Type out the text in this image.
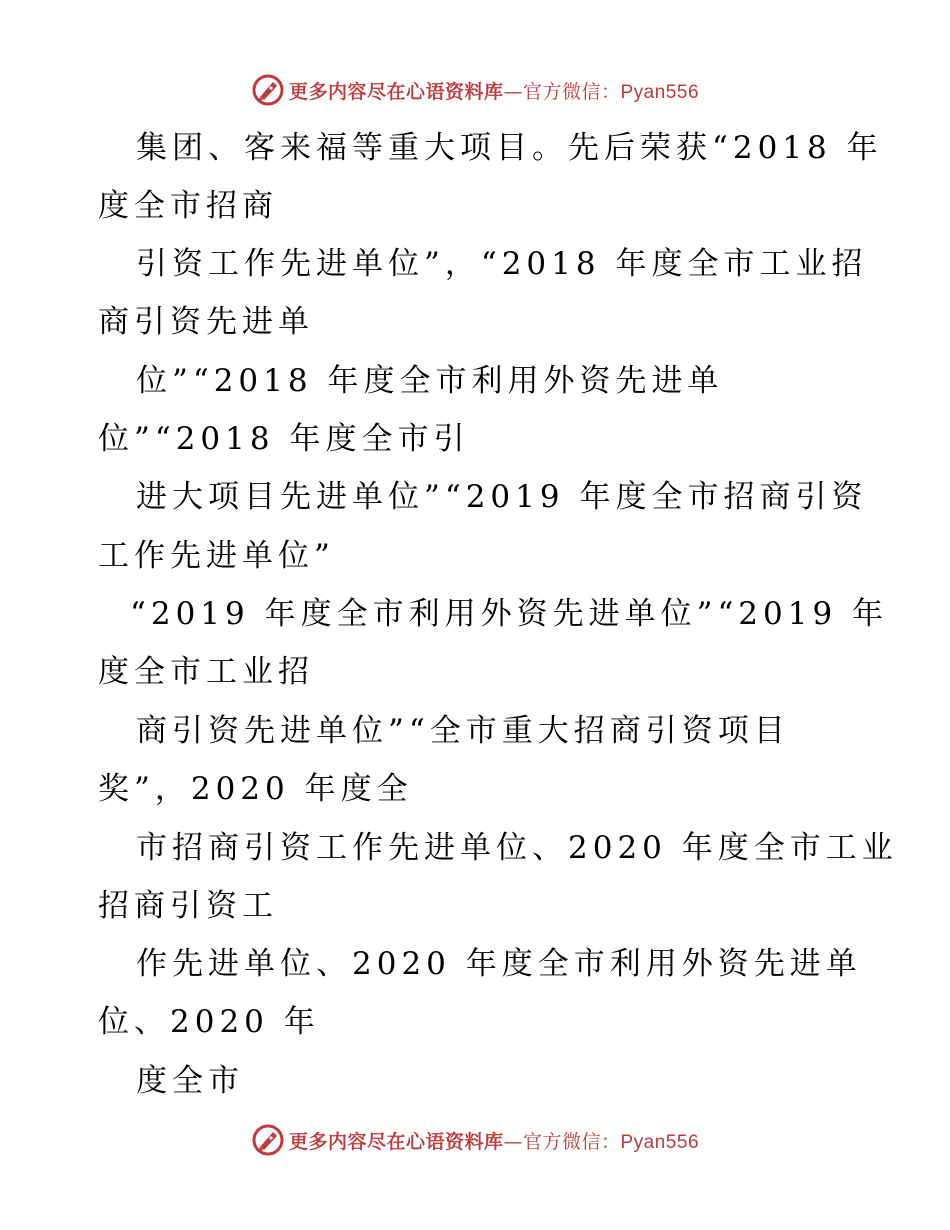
更多内容尽在心语资料库—官方微信：Pyan556
集团、客来福等重大项目。先后荣获“2018 年
度全市招商
引资工作先进单位”，“2018 年度全市工业招
商引资先进单
位”“2018 年度全市利用外资先进单
位”“2018 年度全市引
进大项目先进单位”“2019 年度全市招商引资
工作先进单位”
“2019 年度全市利用外资先进单位”“2019 年
度全市工业招
商引资先进单位”“全市重大招商引资项目
奖”，2020 年度全
市招商引资工作先进单位、2020 年度全市工业
招商引资工
作先进单位、2020 年度全市利用外资先进单
位、2020 年
度全市
更多内容尽在心语资料库—官方微信：Pyan556
